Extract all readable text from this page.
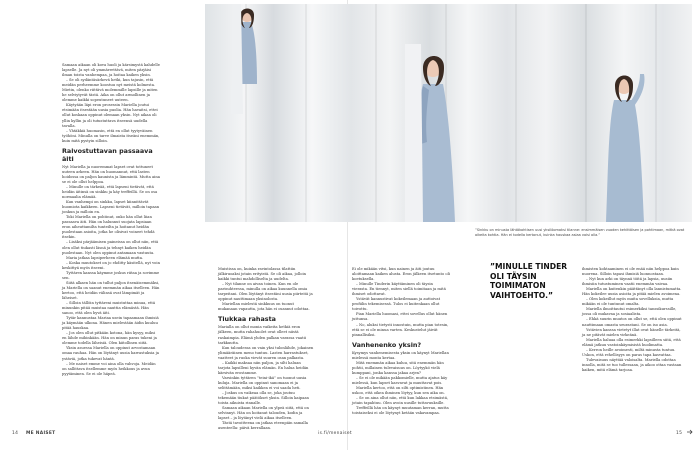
Samaan aikaan oli kova huoli ja kärsimystä kahdelle lapselle. Ja nyt oli ymmärrettävä, miten pärjäisi ilman toista vanhempaa, ja hoitaa kaiken yksin.

– Se oli sydäntäsärkevä hetki, kun tajusin, että meidän perheemme koostuu nyt meistä kolmesta. Mietin, olenko riittävä molemmille lapsille ja miten he selviytyvät tästä. Aika on ollut armollinen ja olemme kaikki sopeutuneet uuteen.

Käytyään läpi eron prosessin Mariella joutui etsimään itsestään uusia puolia. Hän havaitsi, ettei ollut koskaan oppinut olemaan yksin. Nyt aikaa oli yllin kyllin ja oli tutustuttava itseensä uudella tavalla.

– Yhtäkkiä huomasin, että en ollut tyytyväinen työhöni. Minulla on tarve ilmaista itseäni enemmän, kuin mitä pystyin silloin.

Raivostuttavan passaava äiti

Nyt Mariella ja nuoremmat lapset ovat tottuneet uuteen arkeen. Hän on huomannut, että lasten hoidossa on paljon kaunista ja lämmintä. Mutta aina se ei ole ollut helppoa.

– Minulle on tärkeää, että lapseni tietävät, että heidän äitinsä on sinkku ja käy treffeillä. Se on osa normaalia elämää.

Kun vanhempi on sinkku, lapset kiinnittävät huomiota kaikkeen. Lapseni tietävät, milloin tapaan jonkun ja milloin en.

Toki Mariella on pohtinut, onko hän ollut liian passaava äiti. Hän on halunnut suojata lapsiaan eron aiheuttamilta tunteilta ja hoitanut heidän puolestaan asioita, jotka he olisivat voineet tehdä itsekin.

– Lisäksi pärjäämisen paineissa on ollut niin, että olen ollut tiukasti läsnä ja tehnyt kaiken heidän puolestaan. Nyt olen oppinut antamaan vastuuta.

Maria jatkaa lapsiperheen elämää mutta.

– Koska muutokset on jo ehditty käsitellä, nyt voin keskittyä myös itseeni.

Tyttären kanssa käymme joskus riitaa ja sovimme sen.

Siitä alkaen hän on tullut paljon itsenäisemmäksi, ja Mariella on saanut enemmän aikaa itselleen. Hän kertoo, että heidän välinsä ovat lämpimät ja läheiset.

– Silloin tällöin tyttäreni muistuttaa minua, että minunkin pitää muistaa nauttia elämästä. Hän sanoo, että olen hyvä äiti.

Tytär kannustaa Mariaa usein tapaamaan ihmisiä ja käymään ulkona. Hänen mielestään äidin kuuluu pitää hauskaa.

– Jos olen ollut pitkään kotona, hän kysyy, miksi en lähde mihinkään. Hän on minun paras tukeni ja olemme todella läheisiä. Olen kiitollinen siitä.

Yksin asuessa Mariella on oppinut arvostamaan omaa rauhaa. Hän on löytänyt uusia harrastuksia ja ystäviä, jotka tukevat häntä.

– Me naiset emme voi aina olla vahvoja. Meidän on sallittava itsellemme myös heikkous ja avun pyytäminen. Se ei ole häpeä.

”Sinkku on minusta lähtökohtisen uusi yksilöomaksi tilanne: ensimmäisen vuoden kehittäisen ja pohtimaan, mitkä ovat oikeita kohtia. Hän ei todella kertonut, kuinka hauskaa asiaa voisi olla.”

Muistissa on, kuinka ravintolassa tilattiin jälkiruoaksi jotain erityistä. Se oli aikaa, jolloin kaikki tuntui mahdolliselta ja uudelta.

– Nyt tilanne on aivan toinen. Kun en ole parisuhteessa, minulla on aikaa kuunnella omia tarpeitani. Olen löytänyt itsestäni uusia piirteitä ja oppinut nauttimaan yksinolosta.

Mariellan mielestä sinkkuus on tuonut mukanaan vapautta, jota hän ei osannut odottaa.

Tiukkaa rahasta

Marialla on ollut monia vaikeita hetkiä eron jälkeen, mutta rahahuolet ovat olleet niistä raskaimpia. Elämä yhden palkan varassa vaatii tarkkuutta.

Kun taloudessa on vain yksi tulonlähde, jokainen ylimääräinen meno tuntuu. Lasten harrastukset, vaatteet ja ruoka vievät suuren osan palkasta.

– Kaikki maksaa niin paljon, ja silti haluan tarjota lapsilleni hyvän elämän. En halua heidän kärsivän erostamme.

Varsinkin tyttären ”teini-ikä” on tuonut uusia kuluja. Mariella on oppinut sanomaan ei ja selittämään, miksi kaikkea ei voi saada heti.

– Joskus on vaikeaa olla se, joka joutuu tekemään tiukat päätökset yksin. Silloin kaipaan toista aikuista rinnalle.

Samaan aikaan Mariella on ylpeä siitä, että on selvinnyt. Hän on hoitanut talouden, kodin ja lapset – ja löytänyt vielä aikaa itselleen.

Tästä tavoitteena on jatkaa eteenpäin samalla asenteella: päivä kerrallaan.

Ei ole mikään vitsi, kun nainen ja äiti joutuu aloittamaan kaiken alusta. Eron jälkeen itsetunto oli koetuksella.

– Minulle Tinderin käyttäminen oli täysin vierasta. En tiennyt, miten siellä toimitaan ja mitä ihmiset odottavat.

Ystävät kannustivat kokeilemaan ja auttoivat profiilin tekemisessä. Tulos ei kuitenkaan ollut toivottu.

Pian Mariella huomasi, ettei sovellus ollut hänen juttunsa.

– No, aluksi tietysti innostuin, mutta pian totesin, että se ei ole minua varten. Keskustelut jäivät pinnallisiksi.

Vanhenenko yksin?

Kysymys vanhenemisesta yksin on käynyt Mariellan mielessä monta kertaa.

Mitä enemmän aikaa kuluu, sitä enemmän hän pohtii, millainen tulevaisuus on. Löytyykö vielä kumppani, jonka kanssa jakaa arjen?

– Se ei ole mikään pakkomielle, mutta ajatus käy mielessä, kun lapset kasvavat ja muuttavat pois.

Mariella kertoo, että on silti optimistinen. Hän uskoo, että oikea ihminen löytyy, kun sen aika on.

– Se on aina ollut niin, että kun lakkaa etsimästä, jotain tapahtuu. Olen avoin uusille tuttavuuksille.

Treffeillä hän on käynyt muutaman kerran, mutta toistaiseksi ei ole löytynyt ketään vakavampaa.

”MINULLE TINDER OLI TÄYSIN TOIMIMATON VAIHTOEHTO.”

ihmisten kohtaaminen ei ole enää niin helppoa kuin nuorena. Silloin tapasi ihmisiä luonnostaan.

– Nyt kun arki on täynnä töitä ja lapsia, uusiin ihmisiin tutustuminen vaatii enemmän vaivaa.

Mariella on kuitenkin päättänyt olla lannistumatta. Hän kokeilee uusia asioita ja pitää mielen avoimena.

– Olen kokeillut myös muita sovelluksia, mutta mikään ei ole tuntunut omalta.

Mariella ilmoittautui esimerkiksi tanssikurssille, jossa oli mukavaa ja sosiaalista.

– Ehkä suurin muutos on ollut se, että olen oppinut nauttimaan omasta seurastani. Se on iso asia.

Ystävien kanssa vietetyt illat ovat hänelle tärkeitä, ja ne pitävät mielen virkeänä.

Mariella haluaa olla esimerkki lapsilleen siitä, että elämä jatkuu vastoinkäymisistä huolimatta.

– Kerron heille avoimesti, miltä minusta tuntuu. Uskon, että rehellisyys on paras tapa kasvattaa.

Tulevaisuus näyttää valoisalta. Mariella odottaa innolla, mitä se tuo tullessaan, ja aikoo ottaa vastaan kaiken, mitä elämä tarjoaa.

14 ME NAISET	is.fi/menaiset	15
